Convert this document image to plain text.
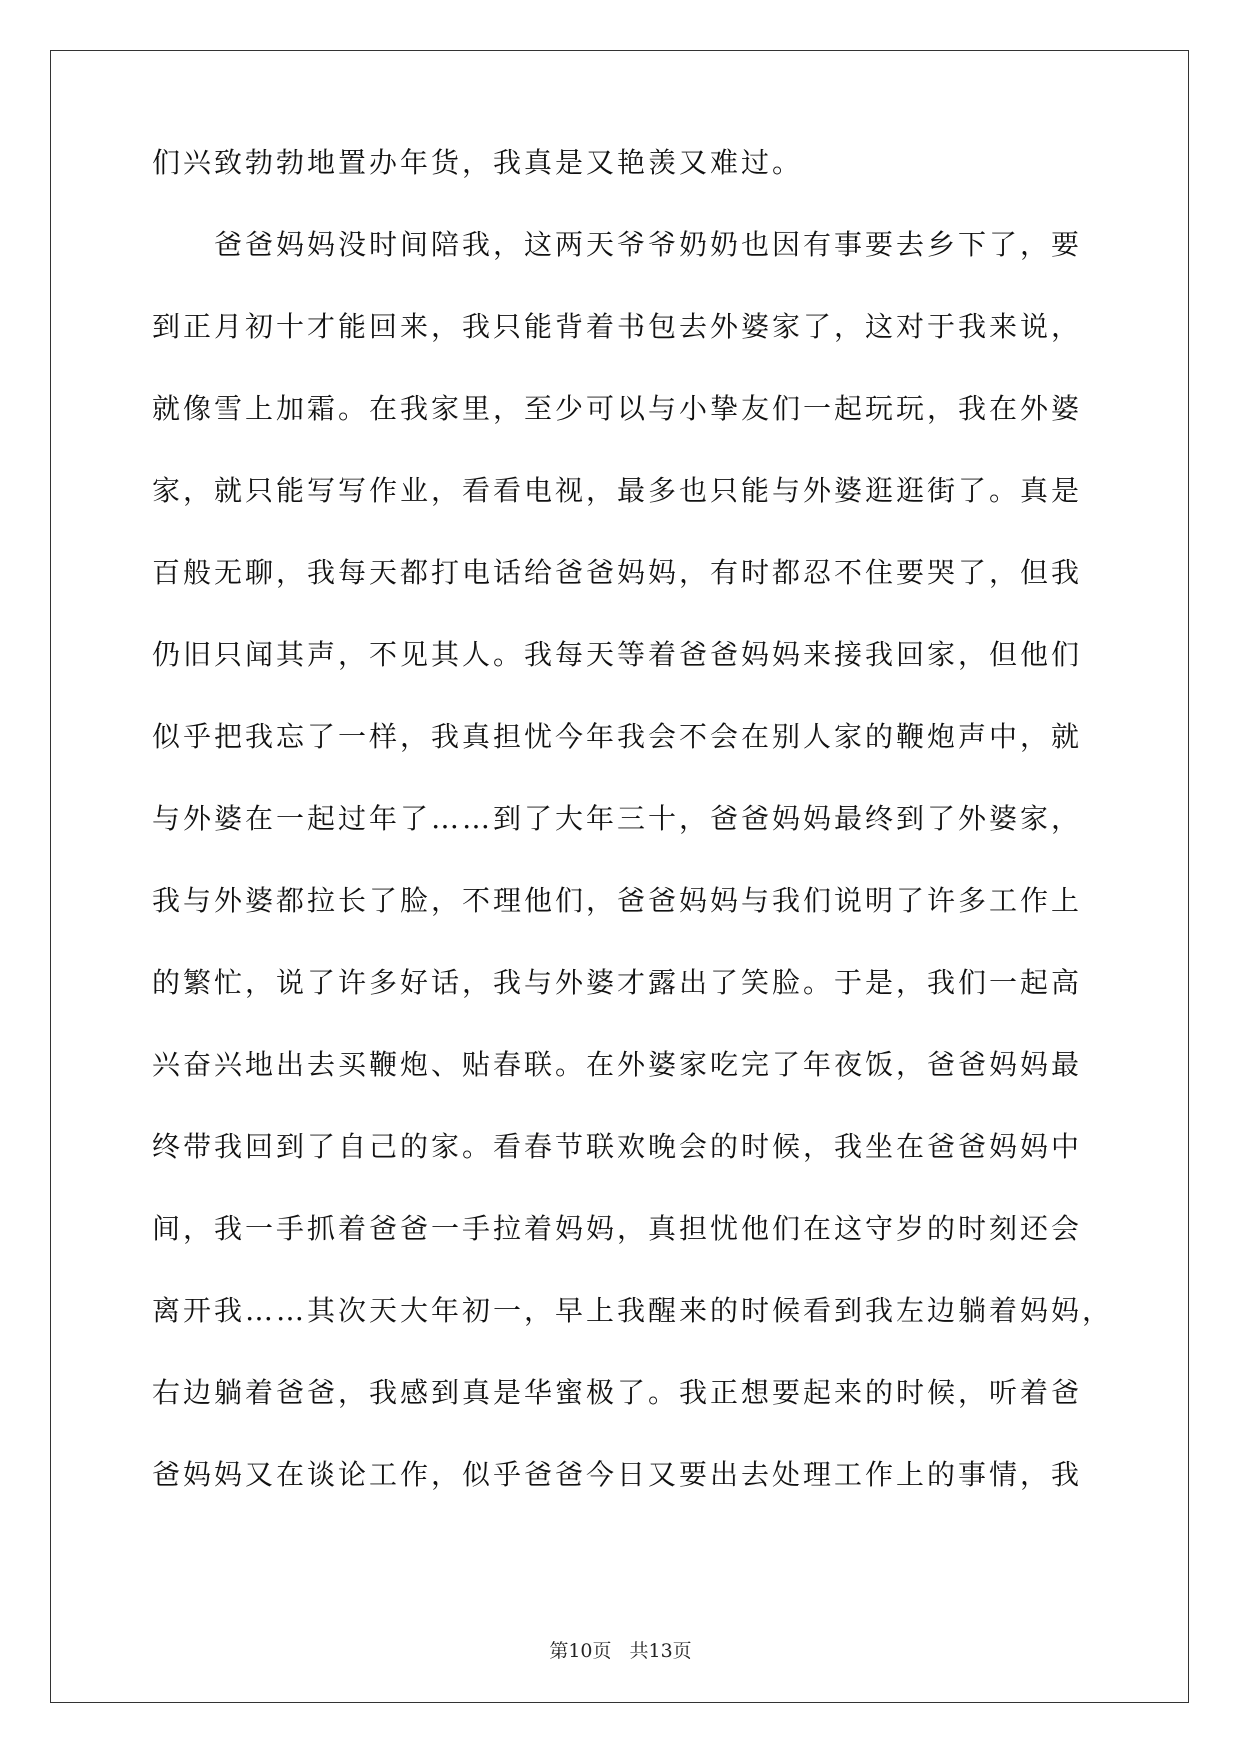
们兴致勃勃地置办年货，我真是又艳羡又难过。
爸爸妈妈没时间陪我，这两天爷爷奶奶也因有事要去乡下了，要
到正月初十才能回来，我只能背着书包去外婆家了，这对于我来说，
就像雪上加霜。在我家里，至少可以与小挚友们一起玩玩，我在外婆
家，就只能写写作业，看看电视，最多也只能与外婆逛逛街了。真是
百般无聊，我每天都打电话给爸爸妈妈，有时都忍不住要哭了，但我
仍旧只闻其声，不见其人。我每天等着爸爸妈妈来接我回家，但他们
似乎把我忘了一样，我真担忧今年我会不会在别人家的鞭炮声中，就
与外婆在一起过年了……到了大年三十，爸爸妈妈最终到了外婆家，
我与外婆都拉长了脸，不理他们，爸爸妈妈与我们说明了许多工作上
的繁忙，说了许多好话，我与外婆才露出了笑脸。于是，我们一起高
兴奋兴地出去买鞭炮、贴春联。在外婆家吃完了年夜饭，爸爸妈妈最
终带我回到了自己的家。看春节联欢晚会的时候，我坐在爸爸妈妈中
间，我一手抓着爸爸一手拉着妈妈，真担忧他们在这守岁的时刻还会
离开我……其次天大年初一，早上我醒来的时候看到我左边躺着妈妈，
右边躺着爸爸，我感到真是华蜜极了。我正想要起来的时候，听着爸
爸妈妈又在谈论工作，似乎爸爸今日又要出去处理工作上的事情，我
第10页 共13页
